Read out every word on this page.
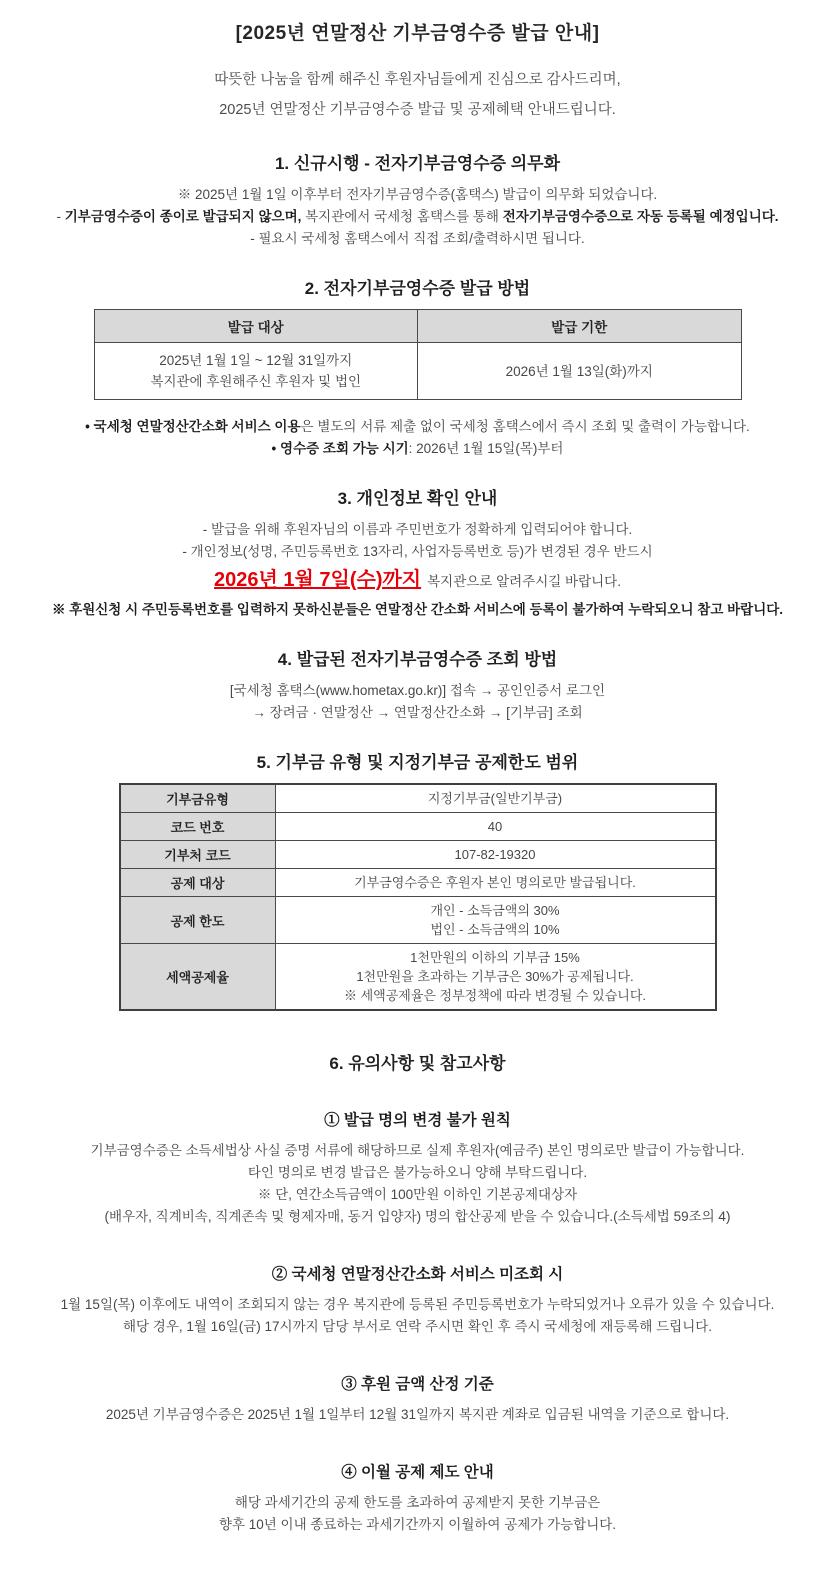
[2025년 연말정산 기부금영수증 발급 안내]
따뜻한 나눔을 함께 해주신 후원자님들에게 진심으로 감사드리며,
2025년 연말정산 기부금영수증 발급 및 공제혜택 안내드립니다.
1. 신규시행 - 전자기부금영수증 의무화
※ 2025년 1월 1일 이후부터 전자기부금영수증(홈택스) 발급이 의무화 되었습니다.
- 기부금영수증이 종이로 발급되지 않으며, 복지관에서 국세청 홈택스를 통해 전자기부금영수증으로 자동 등록될 예정입니다.
- 필요시 국세청 홈택스에서 직접 조회/출력하시면 됩니다.
2. 전자기부금영수증 발급 방법
발급 대상	발급 기한

2025년 1월 1일 ~ 12월 31일까지
복지관에 후원해주신 후원자 및 법인	2026년 1월 13일(화)까지
• 국세청 연말정산간소화 서비스 이용은 별도의 서류 제출 없이 국세청 홈택스에서 즉시 조회 및 출력이 가능합니다.
• 영수증 조회 가능 시기: 2026년 1월 15일(목)부터
3. 개인정보 확인 안내
- 발급을 위해 후원자님의 이름과 주민번호가 정확하게 입력되어야 합니다.
- 개인정보(성명, 주민등록번호 13자리, 사업자등록번호 등)가 변경된 경우 반드시
2026년 1월 7일(수)까지 복지관으로 알려주시길 바랍니다.
※ 후원신청 시 주민등록번호를 입력하지 못하신분들은 연말정산 간소화 서비스에 등록이 불가하여 누락되오니 참고 바랍니다.
4. 발급된 전자기부금영수증 조회 방법
[국세청 홈택스(www.hometax.go.kr)] 접속 → 공인인증서 로그인
→ 장려금 · 연말정산 → 연말정산간소화 → [기부금] 조회
5. 기부금 유형 및 지정기부금 공제한도 범위
기부금유형	지정기부금(일반기부금)
코드 번호	40
기부처 코드	107-82-19320
공제 대상	기부금영수증은 후원자 본인 명의로만 발급됩니다.
공제 한도	개인 - 소득금액의 30%
법인 - 소득금액의 10%

세액공제율	1천만원의 이하의 기부금 15%
1천만원을 초과하는 기부금은 30%가 공제됩니다.
※ 세액공제율은 정부정책에 따라 변경될 수 있습니다.
6. 유의사항 및 참고사항
① 발급 명의 변경 불가 원칙
기부금영수증은 소득세법상 사실 증명 서류에 해당하므로 실제 후원자(예금주) 본인 명의로만 발급이 가능합니다.
타인 명의로 변경 발급은 불가능하오니 양해 부탁드립니다.
※ 단, 연간소득금액이 100만원 이하인 기본공제대상자
(배우자, 직계비속, 직계존속 및 형제자매, 동거 입양자) 명의 합산공제 받을 수 있습니다.(소득세법 59조의 4)
② 국세청 연말정산간소화 서비스 미조회 시
1월 15일(목) 이후에도 내역이 조회되지 않는 경우 복지관에 등록된 주민등록번호가 누락되었거나 오류가 있을 수 있습니다.
해당 경우, 1월 16일(금) 17시까지 담당 부서로 연락 주시면 확인 후 즉시 국세청에 재등록해 드립니다.
③ 후원 금액 산정 기준
2025년 기부금영수증은 2025년 1월 1일부터 12월 31일까지 복지관 계좌로 입금된 내역을 기준으로 합니다.
④ 이월 공제 제도 안내
해당 과세기간의 공제 한도를 초과하여 공제받지 못한 기부금은
향후 10년 이내 종료하는 과세기간까지 이월하여 공제가 가능합니다.
